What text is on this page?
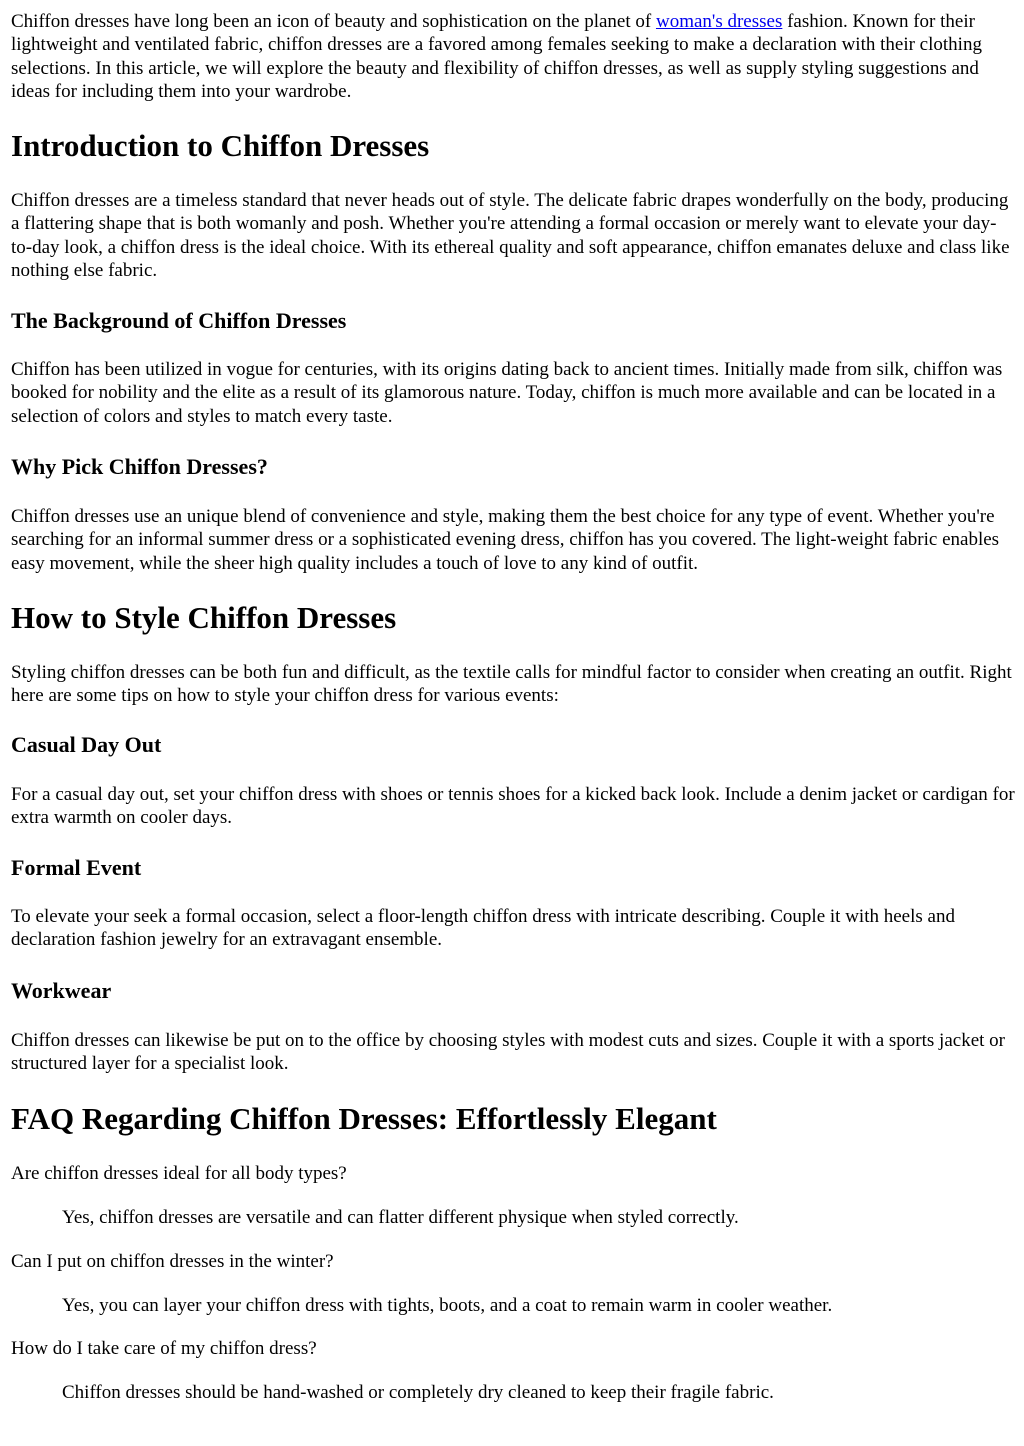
Chiffon dresses have long been an icon of beauty and sophistication on the planet of woman's dresses fashion. Known for their lightweight and ventilated fabric, chiffon dresses are a favored among females seeking to make a declaration with their clothing selections. In this article, we will explore the beauty and flexibility of chiffon dresses, as well as supply styling suggestions and ideas for including them into your wardrobe.

Introduction to Chiffon Dresses

Chiffon dresses are a timeless standard that never heads out of style. The delicate fabric drapes wonderfully on the body, producing a flattering shape that is both womanly and posh. Whether you're attending a formal occasion or merely want to elevate your day-to-day look, a chiffon dress is the ideal choice. With its ethereal quality and soft appearance, chiffon emanates deluxe and class like nothing else fabric.

The Background of Chiffon Dresses

Chiffon has been utilized in vogue for centuries, with its origins dating back to ancient times. Initially made from silk, chiffon was booked for nobility and the elite as a result of its glamorous nature. Today, chiffon is much more available and can be located in a selection of colors and styles to match every taste.

Why Pick Chiffon Dresses?

Chiffon dresses use an unique blend of convenience and style, making them the best choice for any type of event. Whether you're searching for an informal summer dress or a sophisticated evening dress, chiffon has you covered. The light-weight fabric enables easy movement, while the sheer high quality includes a touch of love to any kind of outfit.

How to Style Chiffon Dresses

Styling chiffon dresses can be both fun and difficult, as the textile calls for mindful factor to consider when creating an outfit. Right here are some tips on how to style your chiffon dress for various events:

Casual Day Out

For a casual day out, set your chiffon dress with shoes or tennis shoes for a kicked back look. Include a denim jacket or cardigan for extra warmth on cooler days.

Formal Event

To elevate your seek a formal occasion, select a floor-length chiffon dress with intricate describing. Couple it with heels and declaration fashion jewelry for an extravagant ensemble.

Workwear

Chiffon dresses can likewise be put on to the office by choosing styles with modest cuts and sizes. Couple it with a sports jacket or structured layer for a specialist look.

FAQ Regarding Chiffon Dresses: Effortlessly Elegant

Are chiffon dresses ideal for all body types?

Yes, chiffon dresses are versatile and can flatter different physique when styled correctly.

Can I put on chiffon dresses in the winter?

Yes, you can layer your chiffon dress with tights, boots, and a coat to remain warm in cooler weather.

How do I take care of my chiffon dress?

Chiffon dresses should be hand-washed or completely dry cleaned to keep their fragile fabric.
